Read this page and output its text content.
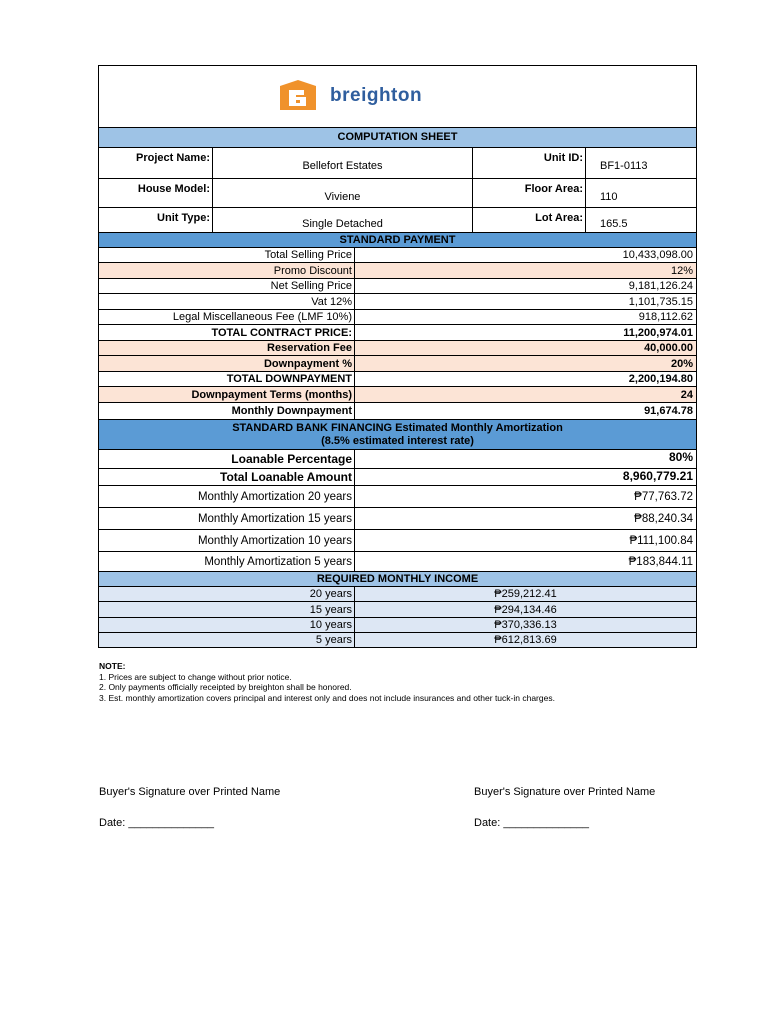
breighton
COMPUTATION SHEET
Project Name:
Bellefort Estates
Unit ID:
BF1-0113
House Model:
Viviene
Floor Area:
110
Unit Type:	Single Detached	Lot Area:	165.5
STANDARD PAYMENT
Total Selling Price	10,433,098.00
Promo Discount	12%
Net Selling Price	9,181,126.24
Vat 12%	1,101,735.15
Legal Miscellaneous Fee (LMF 10%)	918,112.62
TOTAL CONTRACT PRICE:	11,200,974.01
Reservation Fee	40,000.00
Downpayment %	20%
TOTAL DOWNPAYMENT	2,200,194.80
Downpayment Terms (months)	24
Monthly Downpayment	91,674.78
STANDARD BANK FINANCING Estimated Monthly Amortization
(8.5% estimated interest rate)
Loanable Percentage	80%
Total Loanable Amount	8,960,779.21
Monthly Amortization 20 years	₱77,763.72
Monthly Amortization 15 years	₱88,240.34
Monthly Amortization 10 years	₱111,100.84
Monthly Amortization 5 years	₱183,844.11
REQUIRED MONTHLY INCOME
20 years	₱259,212.41
15 years	₱294,134.46
10 years	₱370,336.13
5 years	₱612,813.69
NOTE:
1. Prices are subject to change without prior notice.
2. Only payments officially receipted by breighton shall be honored.
3. Est. monthly amortization covers principal and interest only and does not include insurances and other tuck-in charges.
Buyer's Signature over Printed Name	Buyer's Signature over Printed Name
Date: ______________	Date: ______________
